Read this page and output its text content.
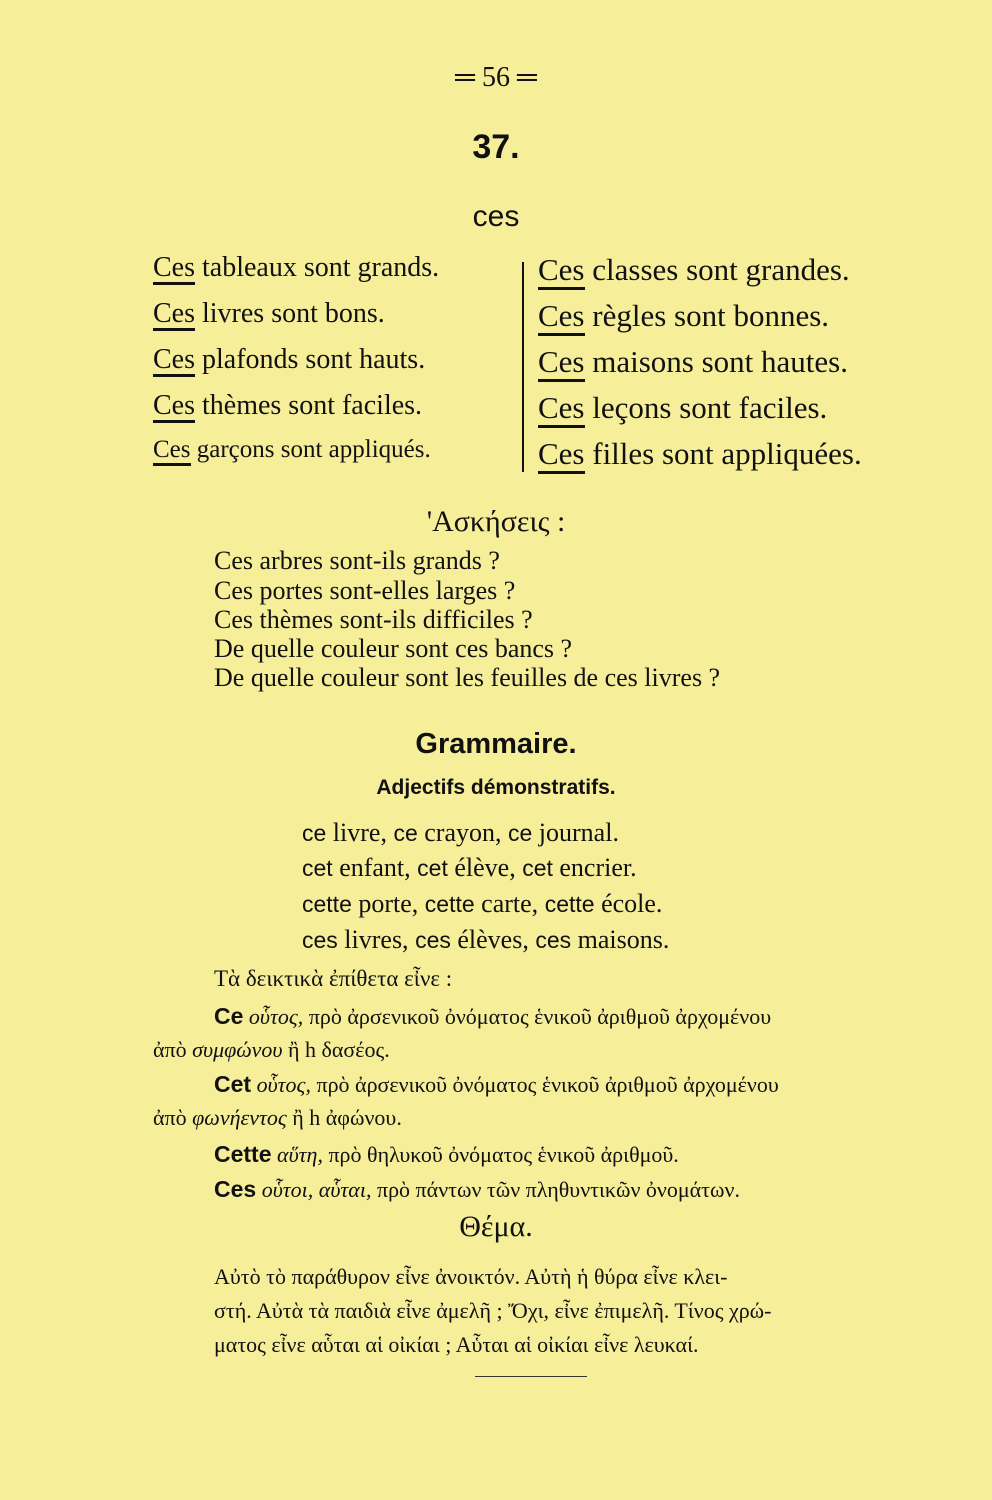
═ 56 ═
37.
ces
Ces tableaux sont grands.
Ces livres sont bons.
Ces plafonds sont hauts.
Ces thèmes sont faciles.
Ces garçons sont appliqués.
Ces classes sont grandes.
Ces règles sont bonnes.
Ces maisons sont hautes.
Ces leçons sont faciles.
Ces filles sont appliquées.
'Ασκήσεις :
Ces arbres sont-ils grands ?
Ces portes sont-elles larges ?
Ces thèmes sont-ils difficiles ?
De quelle couleur sont ces bancs ?
De quelle couleur sont les feuilles de ces livres ?
Grammaire.
Adjectifs démonstratifs.
ce livre, ce crayon, ce journal.
cet enfant, cet élève, cet encrier.
cette porte, cette carte, cette école.
ces livres, ces élèves, ces maisons.
Τὰ δεικτικὰ ἐπίθετα εἶνε :
Ce οὗτος, πρὸ ἀρσενικοῦ ὀνόματος ἑνικοῦ ἀριθμοῦ ἀρχομένου
ἀπὸ συμφώνου ἢ h δασέος.
Cet οὗτος, πρὸ ἀρσενικοῦ ὀνόματος ἑνικοῦ ἀριθμοῦ ἀρχομένου
ἀπὸ φωνήεντος ἢ h ἀφώνου.
Cette αὕτη, πρὸ θηλυκοῦ ὀνόματος ἑνικοῦ ἀριθμοῦ.
Ces οὗτοι, αὗται, πρὸ πάντων τῶν πληθυντικῶν ὀνομάτων.
Θέμα.
Αὐτὸ τὸ παράθυρον εἶνε ἀνοικτόν. Αὐτὴ ἡ θύρα εἶνε κλει-
στή. Αὐτὰ τὰ παιδιὰ εἶνε ἀμελῆ ; Ὄχι, εἶνε ἐπιμελῆ. Τίνος χρώ-
ματος εἶνε αὗται αἱ οἰκίαι ; Αὗται αἱ οἰκίαι εἶνε λευκαί.
